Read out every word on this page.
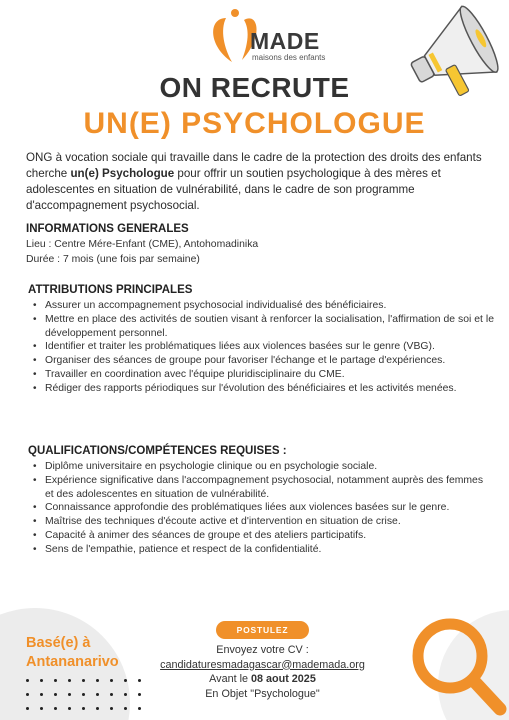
MADE
maisons des enfants
ON RECRUTE
UN(E) PSYCHOLOGUE
ONG à vocation sociale qui travaille dans le cadre de la protection des droits des enfants cherche un(e) Psychologue pour offrir un soutien psychologique à des mères et adolescentes en situation de vulnérabilité, dans le cadre de son programme d'accompagnement psychosocial.
INFORMATIONS GENERALES
Lieu : Centre Mére-Enfant (CME), Antohomadinika
Durée : 7 mois (une fois par semaine)
ATTRIBUTIONS PRINCIPALES
• Assurer un accompagnement psychosocial individualisé des bénéficiaires.
• Mettre en place des activités de soutien visant à renforcer la socialisation, l'affirmation de soi et le développement personnel.
• Identifier et traiter les problématiques liées aux violences basées sur le genre (VBG).
• Organiser des séances de groupe pour favoriser l'échange et le partage d'expériences.
• Travailler en coordination avec l'équipe pluridisciplinaire du CME.
• Rédiger des rapports périodiques sur l'évolution des bénéficiaires et les activités menées.
QUALIFICATIONS/COMPÉTENCES REQUISES :
• Diplôme universitaire en psychologie clinique ou en psychologie sociale.
• Expérience significative dans l'accompagnement psychosocial, notamment auprès des femmes et des adolescentes en situation de vulnérabilité.
• Connaissance approfondie des problématiques liées aux violences basées sur le genre.
• Maîtrise des techniques d'écoute active et d'intervention en situation de crise.
• Capacité à animer des séances de groupe et des ateliers participatifs.
• Sens de l'empathie, patience et respect de la confidentialité.
Basé(e) à
Antananarivo
POSTULEZ
Envoyez votre CV :
candidaturesmadagascar@mademada.org
Avant le 08 aout 2025
En Objet "Psychologue"
